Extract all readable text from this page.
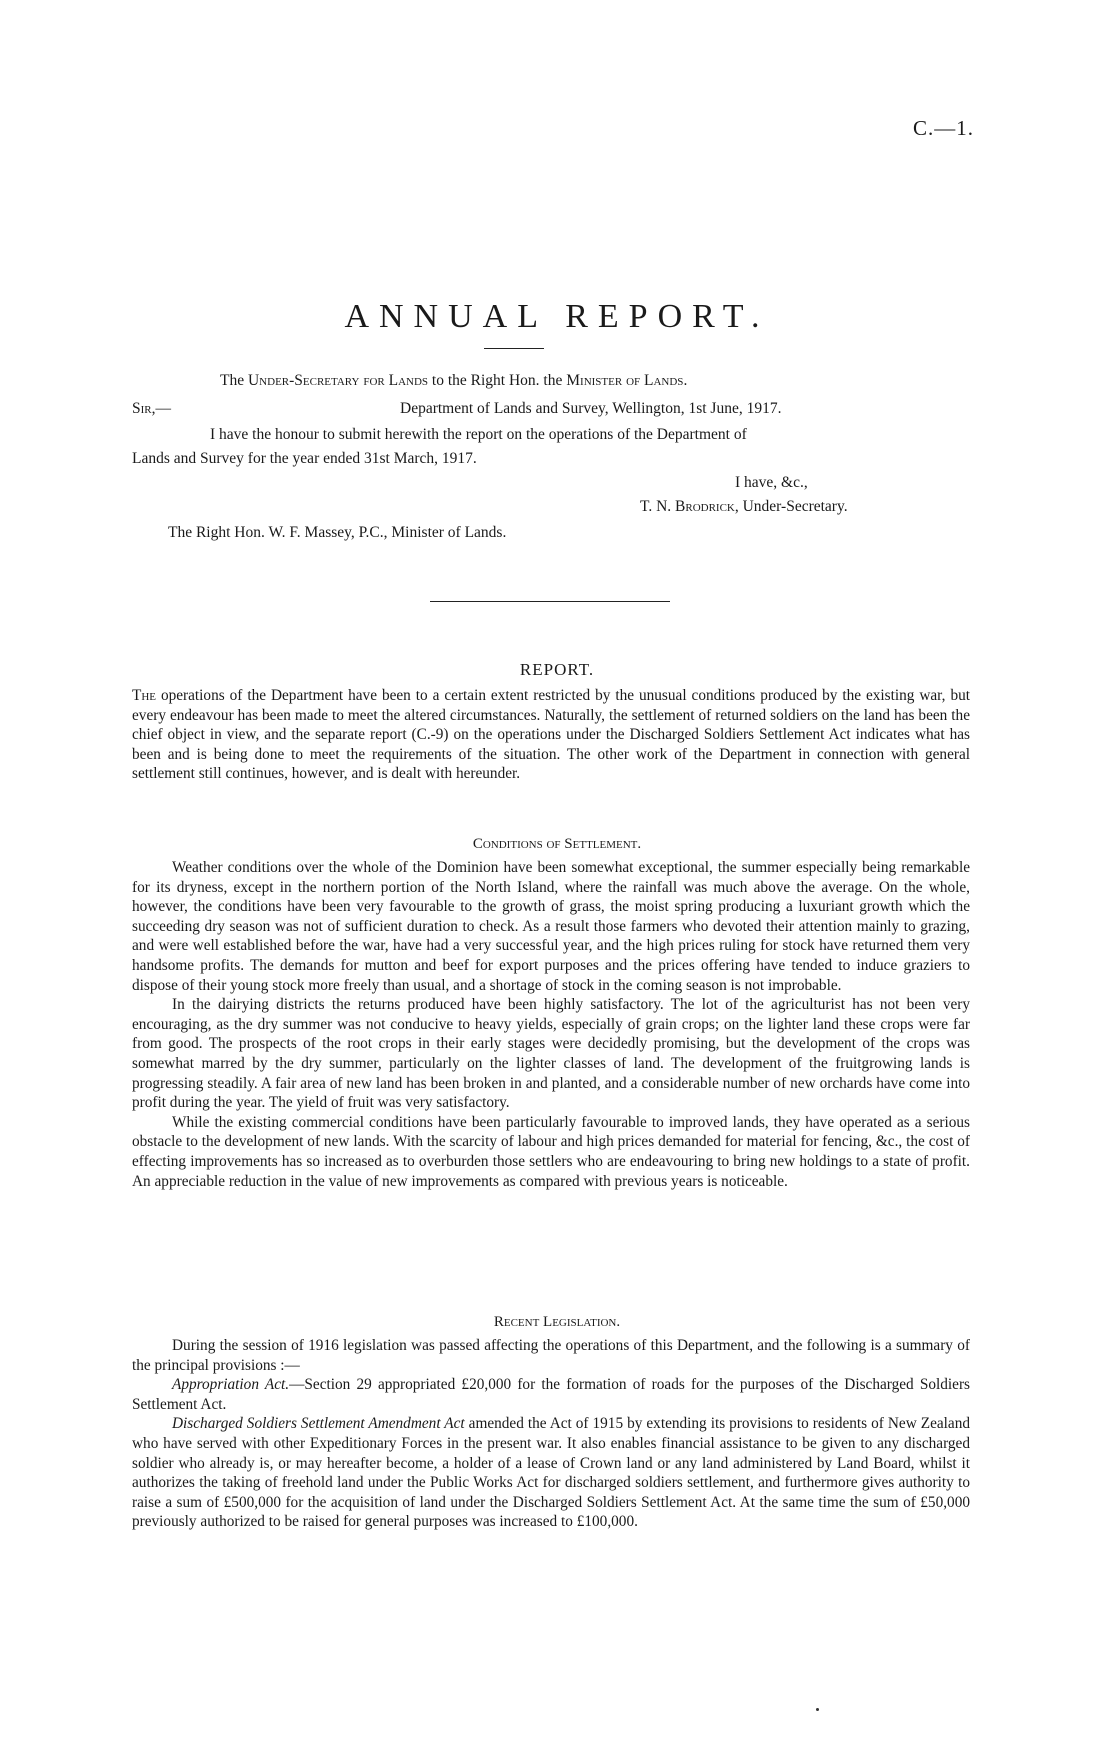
C.—1.
ANNUAL REPORT.
The Under-Secretary for Lands to the Right Hon. the Minister of Lands.
Sir,—	Department of Lands and Survey, Wellington, 1st June, 1917.
I have the honour to submit herewith the report on the operations of the Department of
Lands and Survey for the year ended 31st March, 1917.
I have, &c.,
T. N. Brodrick, Under-Secretary.
The Right Hon. W. F. Massey, P.C., Minister of Lands.
REPORT.

The operations of the Department have been to a certain extent restricted by the unusual conditions produced by the existing war, but every endeavour has been made to meet the altered circumstances. Naturally, the settlement of returned soldiers on the land has been the chief object in view, and the separate report (C.-9) on the operations under the Discharged Soldiers Settlement Act indicates what has been and is being done to meet the requirements of the situation. The other work of the Department in connection with general settlement still continues, however, and is dealt with hereunder.

Conditions of Settlement.

Weather conditions over the whole of the Dominion have been somewhat exceptional, the summer especially being remarkable for its dryness, except in the northern portion of the North Island, where the rainfall was much above the average. On the whole, however, the conditions have been very favourable to the growth of grass, the moist spring producing a luxuriant growth which the succeeding dry season was not of sufficient duration to check. As a result those farmers who devoted their attention mainly to grazing, and were well established before the war, have had a very successful year, and the high prices ruling for stock have returned them very handsome profits. The demands for mutton and beef for export purposes and the prices offering have tended to induce graziers to dispose of their young stock more freely than usual, and a shortage of stock in the coming season is not improbable.

In the dairying districts the returns produced have been highly satisfactory. The lot of the agriculturist has not been very encouraging, as the dry summer was not conducive to heavy yields, especially of grain crops; on the lighter land these crops were far from good. The prospects of the root crops in their early stages were decidedly promising, but the development of the crops was somewhat marred by the dry summer, particularly on the lighter classes of land. The development of the fruitgrowing lands is progressing steadily. A fair area of new land has been broken in and planted, and a considerable number of new orchards have come into profit during the year. The yield of fruit was very satisfactory.

While the existing commercial conditions have been particularly favourable to improved lands, they have operated as a serious obstacle to the development of new lands. With the scarcity of labour and high prices demanded for material for fencing, &c., the cost of effecting improvements has so increased as to overburden those settlers who are endeavouring to bring new holdings to a state of profit. An appreciable reduction in the value of new improvements as compared with previous years is noticeable.

Recent Legislation.

During the session of 1916 legislation was passed affecting the operations of this Department, and the following is a summary of the principal provisions :—

Appropriation Act.—Section 29 appropriated £20,000 for the formation of roads for the purposes of the Discharged Soldiers Settlement Act.

Discharged Soldiers Settlement Amendment Act amended the Act of 1915 by extending its provisions to residents of New Zealand who have served with other Expeditionary Forces in the present war. It also enables financial assistance to be given to any discharged soldier who already is, or may hereafter become, a holder of a lease of Crown land or any land administered by Land Board, whilst it authorizes the taking of freehold land under the Public Works Act for discharged soldiers settlement, and furthermore gives authority to raise a sum of £500,000 for the acquisition of land under the Discharged Soldiers Settlement Act. At the same time the sum of £50,000 previously authorized to be raised for general purposes was increased to £100,000.
